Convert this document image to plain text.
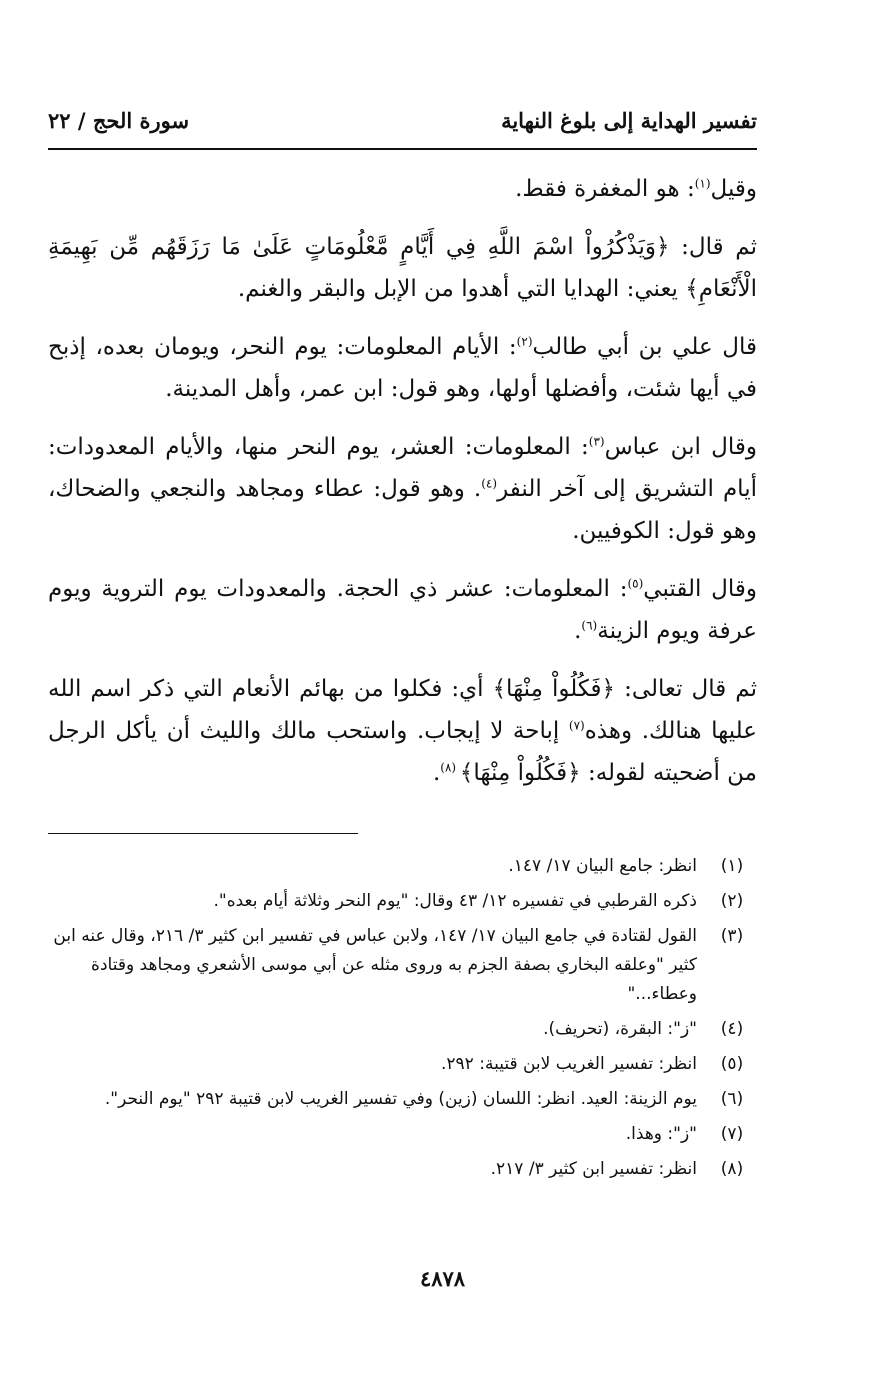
تفسير الهداية إلى بلوغ النهاية
سورة الحج / ٢٢

وقيل$^{(١)}$: هو المغفرة فقط.

ثم قال: ﴿وَيَذْكُرُواْ اسْمَ اللَّهِ فِي أَيَّامٍ مَّعْلُومَاتٍ عَلَىٰ مَا رَزَقَهُم مِّن بَهِيمَةِ الْأَنْعَامِ﴾ يعني: الهدايا التي أهدوا من الإبل والبقر والغنم.

قال علي بن أبي طالب$^{(٢)}$: الأيام المعلومات: يوم النحر، ويومان بعده، إذبح في أيها شئت، وأفضلها أولها، وهو قول: ابن عمر، وأهل المدينة.

وقال ابن عباس$^{(٣)}$: المعلومات: العشر، يوم النحر منها، والأيام المعدودات: أيام التشريق إلى آخر النفر$^{(٤)}$. وهو قول: عطاء ومجاهد والنجعي والضحاك، وهو قول: الكوفيين.

وقال القتبي$^{(٥)}$: المعلومات: عشر ذي الحجة. والمعدودات يوم التروية ويوم عرفة ويوم الزينة$^{(٦)}$.

ثم قال تعالى: ﴿فَكُلُواْ مِنْهَا﴾ أي: فكلوا من بهائم الأنعام التي ذكر اسم الله عليها هنالك. وهذه$^{(٧)}$ إباحة لا إيجاب. واستحب مالك والليث أن يأكل الرجل من أضحيته لقوله: ﴿فَكُلُواْ مِنْهَا﴾ $^{(٨)}$.

(١)
انظر: جامع البيان ١٧/ ١٤٧.
(٢)
ذكره القرطبي في تفسيره ١٢/ ٤٣ وقال: "يوم النحر وثلاثة أيام بعده".
(٣)
القول لقتادة في جامع البيان ١٧/ ١٤٧، ولابن عباس في تفسير ابن كثير ٣/ ٢١٦، وقال عنه ابن كثير "وعلقه البخاري بصفة الجزم به وروى مثله عن أبي موسى الأشعري ومجاهد وقتادة وعطاء..."
(٤)
"ز": البقرة، (تحريف).
(٥)
انظر: تفسير الغريب لابن قتيبة: ٢٩٢.
(٦)
يوم الزينة: العيد. انظر: اللسان (زين) وفي تفسير الغريب لابن قتيبة ٢٩٢ "يوم النحر".
(٧)
"ز": وهذا.
(٨)
انظر: تفسير ابن كثير ٣/ ٢١٧.
٤٨٧٨
